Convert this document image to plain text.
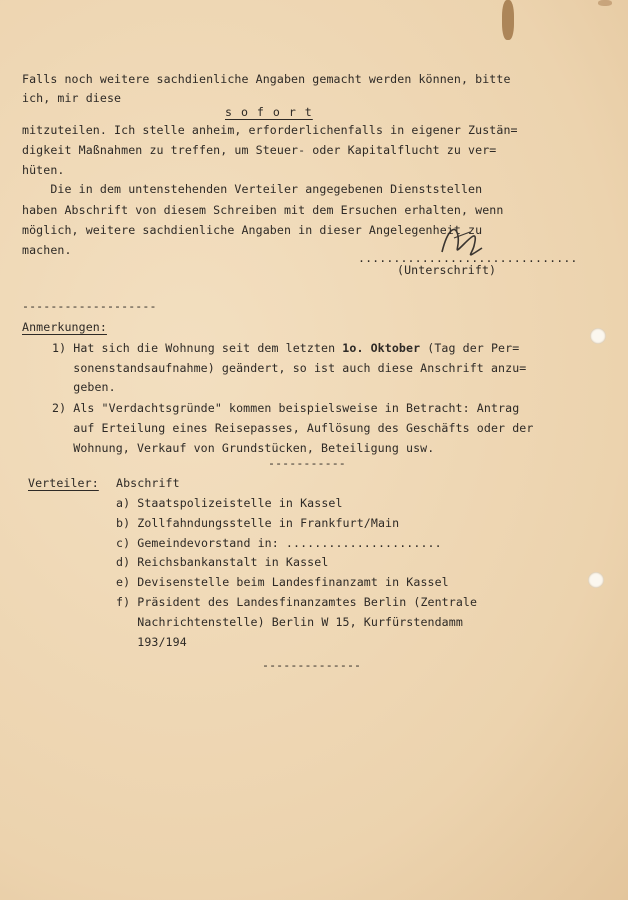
Falls noch weitere sachdienliche Angaben gemacht werden können, bitte
ich, mir diese
s o f o r t
mitzuteilen. Ich stelle anheim, erforderlichenfalls in eigener Zustän=
digkeit Maßnahmen zu treffen, um Steuer- oder Kapitalflucht zu ver=
hüten.
Die in dem untenstehenden Verteiler angegebenen Dienststellen
haben Abschrift von diesem Schreiben mit dem Ersuchen erhalten, wenn
möglich, weitere sachdienliche Angaben in dieser Angelegenheit zu
machen.
...............................
(Unterschrift)
-------------------
Anmerkungen:
1) Hat sich die Wohnung seit dem letzten 1o. Oktober (Tag der Per=
sonenstandsaufnahme) geändert, so ist auch diese Anschrift anzu=
geben.
2) Als "Verdachtsgründe" kommen beispielsweise in Betracht: Antrag
auf Erteilung eines Reisepasses, Auflösung des Geschäfts oder der
Wohnung, Verkauf von Grundstücken, Beteiligung usw.
-----------
Verteiler: Abschrift
a) Staatspolizeistelle in Kassel
b) Zollfahndungsstelle in Frankfurt/Main
c) Gemeindevorstand in: ......................
d) Reichsbankanstalt in Kassel
e) Devisenstelle beim Landesfinanzamt in Kassel
f) Präsident des Landesfinanzamtes Berlin (Zentrale
Nachrichtenstelle) Berlin W 15, Kurfürstendamm
193/194
--------------
